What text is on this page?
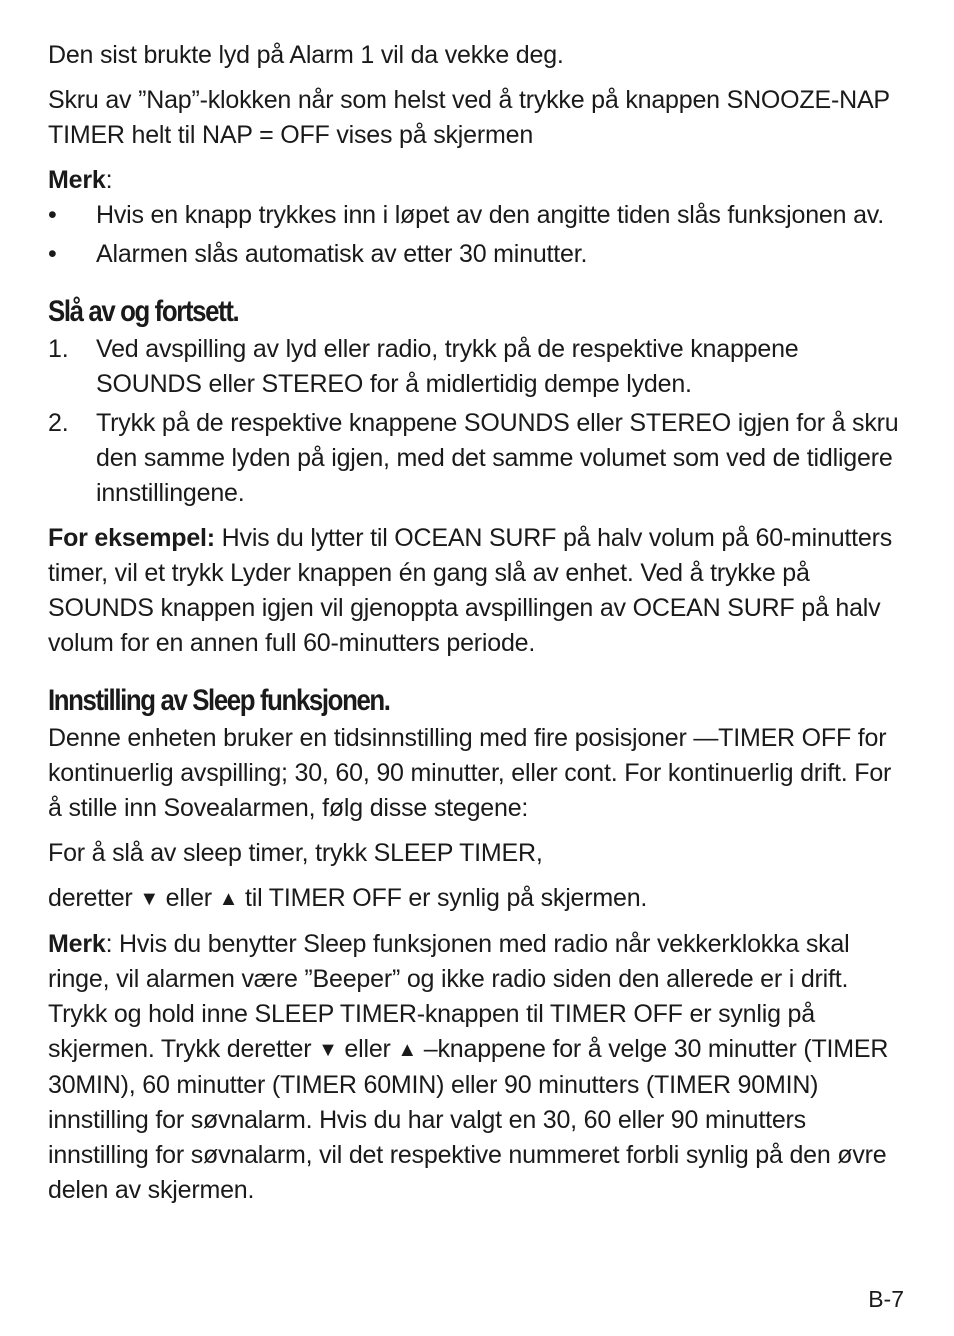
Den sist brukte lyd på Alarm 1 vil da vekke deg.

Skru av ”Nap”-klokken når som helst ved å trykke på knappen SNOOZE-NAP TIMER helt til NAP = OFF vises på skjermen

Merk:

• Hvis en knapp trykkes inn i løpet av den angitte tiden slås funksjonen av.
• Alarmen slås automatisk av etter 30 minutter.
Slå av og fortsett.
1. Ved avspilling av lyd eller radio, trykk på de respektive knappene SOUNDS eller STEREO for å midlertidig dempe lyden.
2. Trykk på de respektive knappene SOUNDS eller STEREO igjen for å skru den samme lyden på igjen, med det samme volumet som ved de tidligere innstillingene.

For eksempel: Hvis du lytter til OCEAN SURF på halv volum på 60-minutters timer, vil et trykk Lyder knappen én gang slå av enhet. Ved å trykke på SOUNDS knappen igjen vil gjenoppta avspillingen av OCEAN SURF på halv volum for en annen full 60-minutters periode.

Innstilling av Sleep funksjonen.

Denne enheten bruker en tidsinnstilling med fire posisjoner —TIMER OFF for kontinuerlig avspilling; 30, 60, 90 minutter, eller cont. For kontinuerlig drift. For å stille inn Sovealarmen, følg disse stegene:

For å slå av sleep timer, trykk SLEEP TIMER,

deretter ▼ eller ▲ til TIMER OFF er synlig på skjermen.

Merk: Hvis du benytter Sleep funksjonen med radio når vekkerklokka skal ringe, vil alarmen være ”Beeper” og ikke radio siden den allerede er i drift. Trykk og hold inne SLEEP TIMER-knappen til TIMER OFF er synlig på skjermen. Trykk deretter ▼ eller ▲ –knappene for å velge 30 minutter (TIMER 30MIN), 60 minutter (TIMER 60MIN) eller 90 minutters (TIMER 90MIN) innstilling for søvnalarm. Hvis du har valgt en 30, 60 eller 90 minutters innstilling for søvnalarm, vil det respektive nummeret forbli synlig på den øvre delen av skjermen.

B-7
